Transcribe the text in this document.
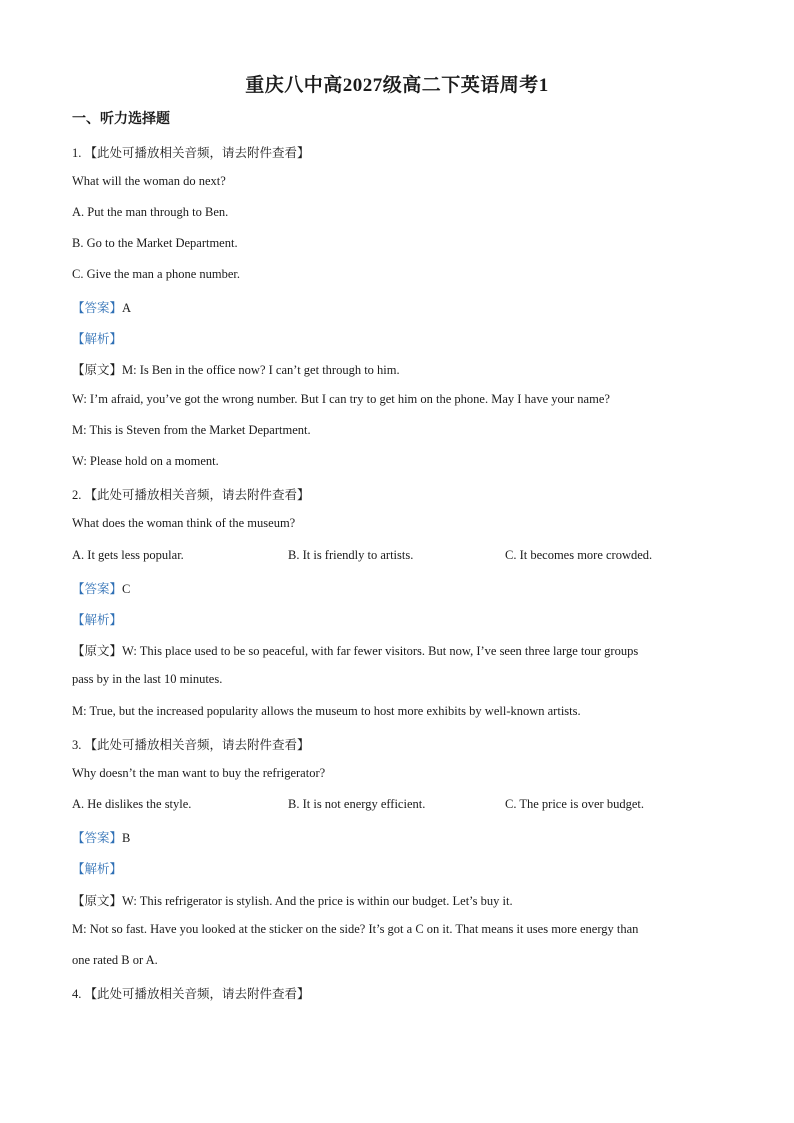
重庆八中高2027级高二下英语周考1
一、听力选择题
1. 【此处可播放相关音频，请去附件查看】
What will the woman do next?
A. Put the man through to Ben.
B. Go to the Market Department.
C. Give the man a phone number.
【答案】A
【解析】
【原文】M: Is Ben in the office now? I can’t get through to him.
W: I’m afraid, you’ve got the wrong number. But I can try to get him on the phone. May I have your name?
M: This is Steven from the Market Department.
W: Please hold on a moment.
2. 【此处可播放相关音频，请去附件查看】
What does the woman think of the museum?
A. It gets less popular.	B. It is friendly to artists.	C. It becomes more crowded.
【答案】C
【解析】
【原文】W: This place used to be so peaceful, with far fewer visitors. But now, I’ve seen three large tour groups
pass by in the last 10 minutes.
M: True, but the increased popularity allows the museum to host more exhibits by well-known artists.
3. 【此处可播放相关音频，请去附件查看】
Why doesn’t the man want to buy the refrigerator?
A. He dislikes the style.	B. It is not energy efficient.	C. The price is over budget.
【答案】B
【解析】
【原文】W: This refrigerator is stylish. And the price is within our budget. Let’s buy it.
M: Not so fast. Have you looked at the sticker on the side? It’s got a C on it. That means it uses more energy than
one rated B or A.
4. 【此处可播放相关音频，请去附件查看】
